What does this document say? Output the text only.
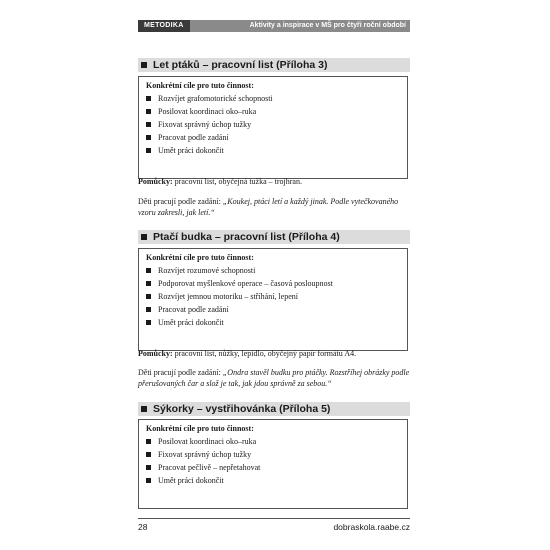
METODIKA	Aktivity a inspirace v MŠ pro čtyři roční období
Let ptáků – pracovní list (Příloha 3)
Konkrétní cíle pro tuto činnost:
Rozvíjet grafomotorické schopnosti
Posilovat koordinaci oko–ruka
Fixovat správný úchop tužky
Pracovat podle zadání
Umět práci dokončit
Pomůcky: pracovní list, obyčejná tužka – trojhran.
Děti pracují podle zadání: „Koukej, ptáci letí a každý jinak. Podle vytečkovaného vzoru zakresli, jak letí.“
Ptačí budka – pracovní list (Příloha 4)
Konkrétní cíle pro tuto činnost:
Rozvíjet rozumové schopnosti
Podporovat myšlenkové operace – časová posloupnost
Rozvíjet jemnou motoriku – stříhání, lepení
Pracovat podle zadání
Umět práci dokončit
Pomůcky: pracovní list, nůžky, lepidlo, obyčejný papír formátu A4.
Děti pracují podle zadání: „Ondra stavěl budku pro ptáčky. Rozstříhej obrázky podle přerušovaných čar a slož je tak, jak jdou správně za sebou.“
Sýkorky – vystřihovánka (Příloha 5)
Konkrétní cíle pro tuto činnost:
Posilovat koordinaci oko–ruka
Fixovat správný úchop tužky
Pracovat pečlivě – nepřetahovat
Umět práci dokončit
28	dobraskola.raabe.cz
